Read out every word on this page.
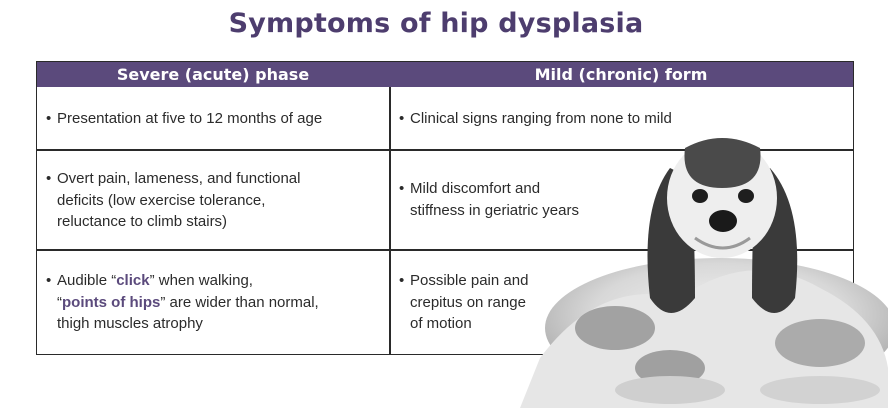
Symptoms of hip dysplasia
Severe (acute) phase	Mild (chronic) form
• Presentation at five to 12 months of age	• Clinical signs ranging from none to mild
• Overt pain, lameness, and functional
deficits (low exercise tolerance,
reluctance to climb stairs)
• Mild discomfort and
stiffness in geriatric years
• Audible “click” when walking,
“points of hips” are wider than normal,
thigh muscles atrophy
• Possible pain and
crepitus on range
of motion
